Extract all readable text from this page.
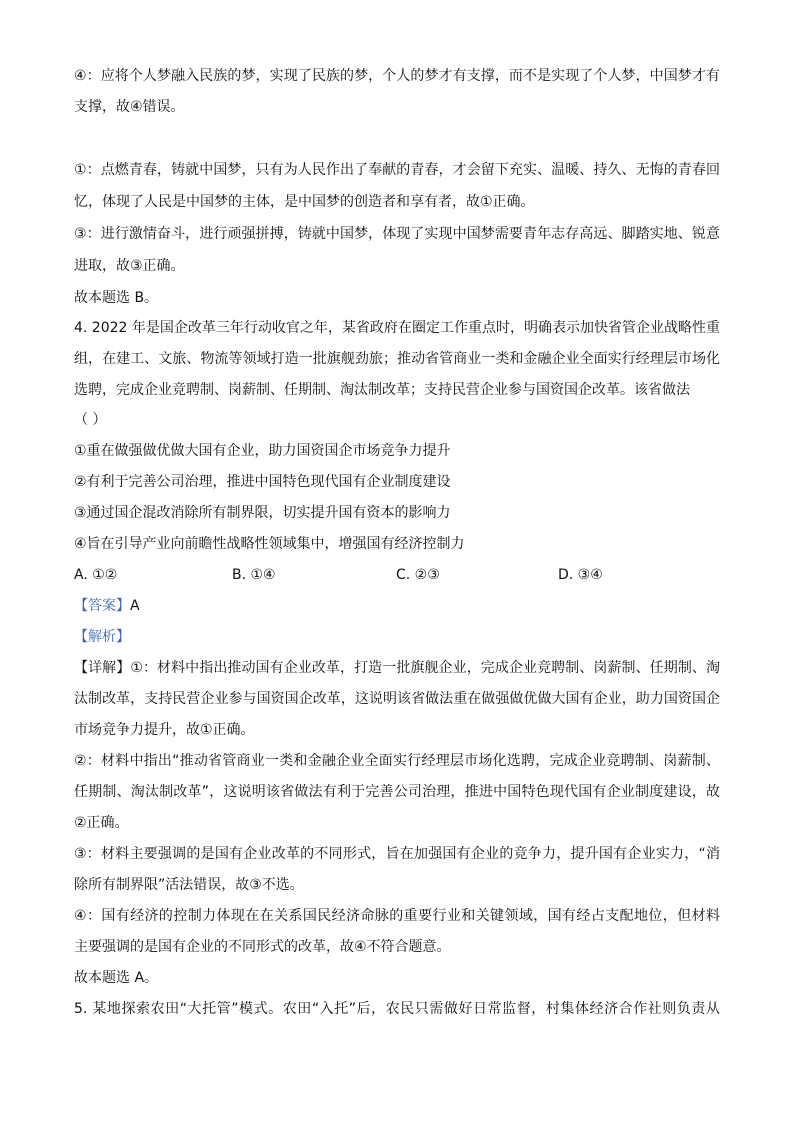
④：应将个人梦融入民族的梦，实现了民族的梦，个人的梦才有支撑，而不是实现了个人梦，中国梦才有
支撑，故④错误。
①：点燃青春，铸就中国梦，只有为人民作出了奉献的青春，才会留下充实、温暖、持久、无悔的青春回
忆，体现了人民是中国梦的主体，是中国梦的创造者和享有者，故①正确。
③：进行激情奋斗，进行顽强拼搏，铸就中国梦，体现了实现中国梦需要青年志存高远、脚踏实地、锐意
进取，故③正确。
故本题选 B。
4. 2022 年是国企改革三年行动收官之年，某省政府在圈定工作重点时，明确表示加快省管企业战略性重
组，在建工、文旅、物流等领域打造一批旗舰劲旅；推动省管商业一类和金融企业全面实行经理层市场化
选聘，完成企业竞聘制、岗薪制、任期制、淘汰制改革；支持民营企业参与国资国企改革。该省做法
（ ）
①重在做强做优做大国有企业，助力国资国企市场竞争力提升
②有利于完善公司治理，推进中国特色现代国有企业制度建设
③通过国企混改消除所有制界限，切实提升国有资本的影响力
④旨在引导产业向前瞻性战略性领域集中，增强国有经济控制力
A. ①②	B. ①④	C. ②③	D. ③④
【答案】A
【解析】
【详解】①：材料中指出推动国有企业改革，打造一批旗舰企业，完成企业竞聘制、岗薪制、任期制、淘
汰制改革，支持民营企业参与国资国企改革，这说明该省做法重在做强做优做大国有企业，助力国资国企
市场竞争力提升，故①正确。
②：材料中指出“推动省管商业一类和金融企业全面实行经理层市场化选聘，完成企业竞聘制、岗薪制、
任期制、淘汰制改革”，这说明该省做法有利于完善公司治理，推进中国特色现代国有企业制度建设，故
②正确。
③：材料主要强调的是国有企业改革的不同形式，旨在加强国有企业的竞争力，提升国有企业实力，“消
除所有制界限”活法错误，故③不选。
④：国有经济的控制力体现在在关系国民经济命脉的重要行业和关键领域，国有经占支配地位，但材料
主要强调的是国有企业的不同形式的改革，故④不符合题意。
故本题选 A。
5. 某地探索农田“大托管”模式。农田“入托”后，农民只需做好日常监督，村集体经济合作社则负责从
